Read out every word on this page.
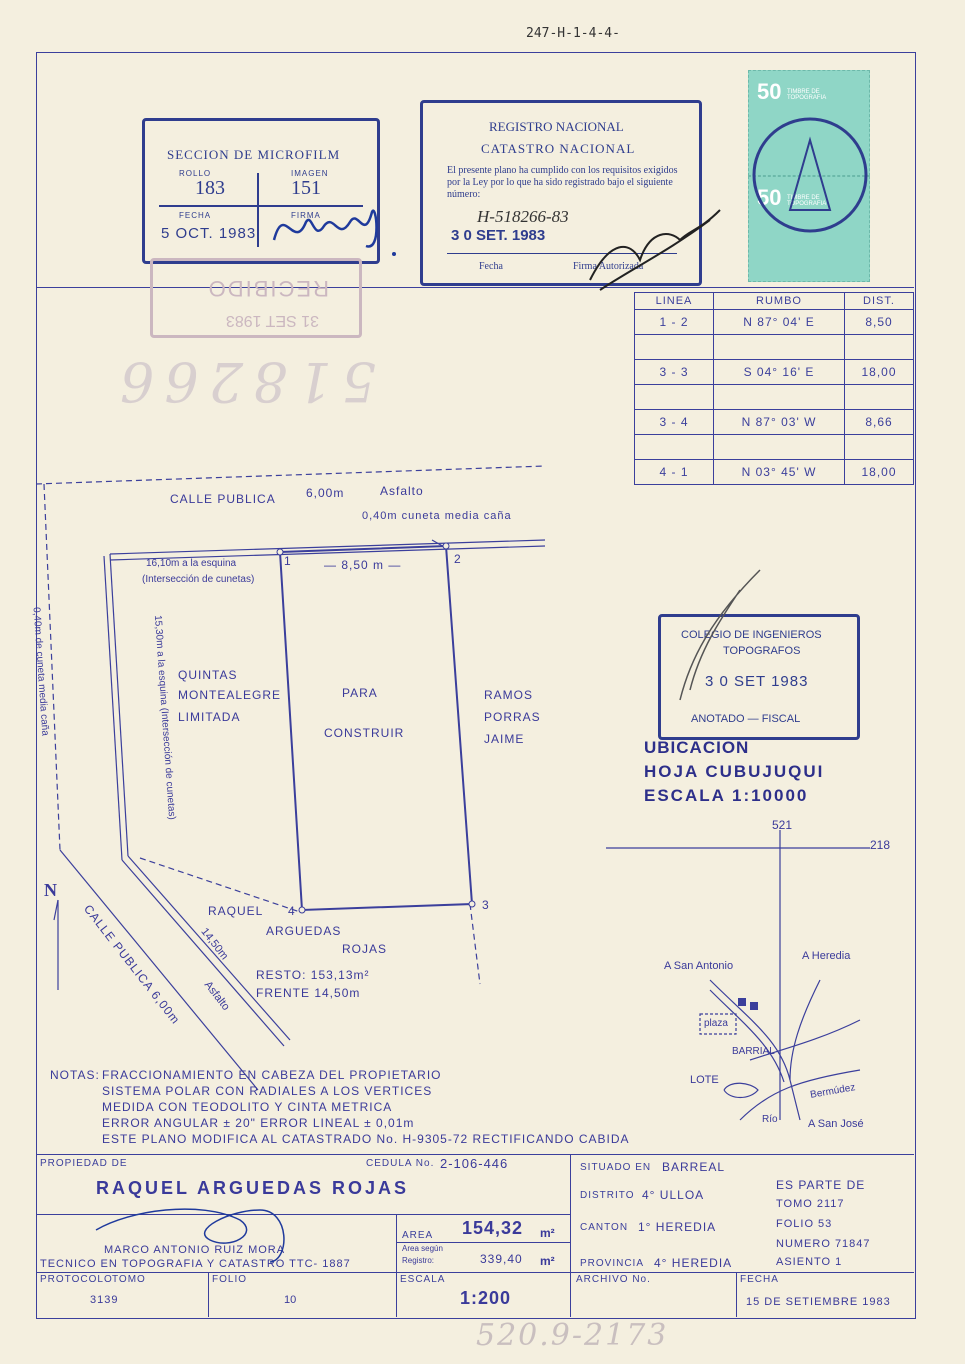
247-H-1-4-4-
SECCION DE MICROFILM
ROLLO
183
IMAGEN
151
FECHA
5 OCT. 1983
FIRMA
REGISTRO NACIONAL
CATASTRO NACIONAL
El presente plano ha cumplido con los requisitos exigidos por la Ley por lo que ha sido registrado bajo el siguiente número:
H-518266-83
3 0 SET. 1983
Fecha	Firma Autorizada
31 SET 1983
RECIBIDO
518266
50 TIMBRE DE TOPOGRAFIA
50 TIMBRE DE TOPOGRAFIA
LINEA	RUMBO	DIST.
1 - 2	N 87° 04' E	8,50

3 - 3	S 04° 16' E	18,00

3 - 4	N 87° 03' W	8,66

4 - 1	N 03° 45' W	18,00
CALLE PUBLICA	6,00m	Asfalto
0,40m cuneta media caña
16,10m a la esquina
(Intersección de cunetas)
15,30m a la esquina (Intersección de cunetas)
0,40m de cuneta media caña
— 8,50 m —
1	2
3
4
QUINTAS
MONTEALEGRE
LIMITADA
PARA
CONSTRUIR
RAMOS
PORRAS
JAIME
RAQUEL
ARGUEDAS
ROJAS
14,50m
RESTO: 153,13m²
FRENTE 14,50m
CALLE PUBLICA 6,00m Asfalto
N
NOTAS: FRACCIONAMIENTO EN CABEZA DEL PROPIETARIO
SISTEMA POLAR CON RADIALES A LOS VERTICES
MEDIDA CON TEODOLITO Y CINTA METRICA
ERROR ANGULAR ± 20" ERROR LINEAL ± 0,01m
ESTE PLANO MODIFICA AL CATASTRADO No. H-9305-72 RECTIFICANDO CABIDA
COLEGIO DE INGENIEROS
TOPOGRAFOS
3 0 SET 1983
ANOTADO — FISCAL
UBICACION
HOJA CUBUJUQUI
ESCALA 1:10000
521
218
A San Antonio
A Heredia
plaza
BARRIAL
LOTE
Bermúdez
Río	A San José
PROPIEDAD DE	CEDULA No. 2-106-446
RAQUEL ARGUEDAS ROJAS
MARCO ANTONIO RUIZ MORA
TECNICO EN TOPOGRAFIA Y CATASTRO TTC- 1887
AREA 154,32 m²
Area según
Registro:	339,40 m²
SITUADO EN BARREAL
DISTRITO 4° ULLOA
CANTON 1° HEREDIA
PROVINCIA 4° HEREDIA
ES PARTE DE
TOMO 2117
FOLIO 53
NUMERO 71847
ASIENTO 1
PROTOCOLO TOMO
3139
FOLIO
10
ESCALA
1:200
ARCHIVO No.	FECHA
15 DE SETIEMBRE 1983
520.9-2173
